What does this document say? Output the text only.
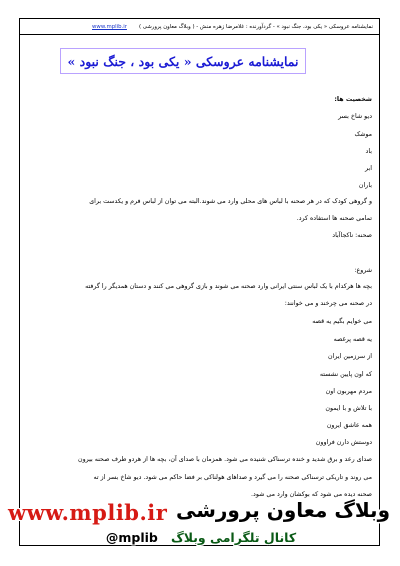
نمایشنامه عروسکی « یکی بود، جنگ نبود » - گردآورنده : غلامرضا زهره منش - ( وبلاگ معاون پرورشی )       www.mplib.ir
نمایشنامه عروسکی « یکی بود ، جنگ نبود »

شخصیت ها:

دیو شاخ بسر

موشک

باد

ابر

باران

و گروهی کودک که در هر صحنه با لباس های محلی وارد می شوند.البته می توان از لباس فرم و یکدست برای

تمامی صحنه ها استفاده کرد.

صحنه: ناکجاآباد

شروع:

بچه ها هرکدام با یک لباس سنتی ایرانی وارد صحنه می شوند و بازی گروهی می کنند و دستان همدیگر را گرفته

در صحنه می چرخند و می خوانند:

می خوایم بگیم یه قصه

یه قصه پرغصه

از سرزمین ایران

که اون پایین نشسته

مردم مهربون اون

با تلاش و با ایمون

همه عاشق ایرون

دوستش دارن فراوون

صدای رعد و برق شدید و خنده ترسناکی شنیده می شود. همزمان با صدای آن، بچه ها از هردو طرف صحنه بیرون

می روند و تاریکی ترسناکی صحنه را می گیرد و صداهای هولناکی بر فضا حاکم می شود. دیو شاخ بسر از ته

صحنه دیده می شود که بوکشان وارد می شود.

www.mplib.ir وبلاگ معاون پرورشی
کانال تلگرامی وبلاگ   @mplib
